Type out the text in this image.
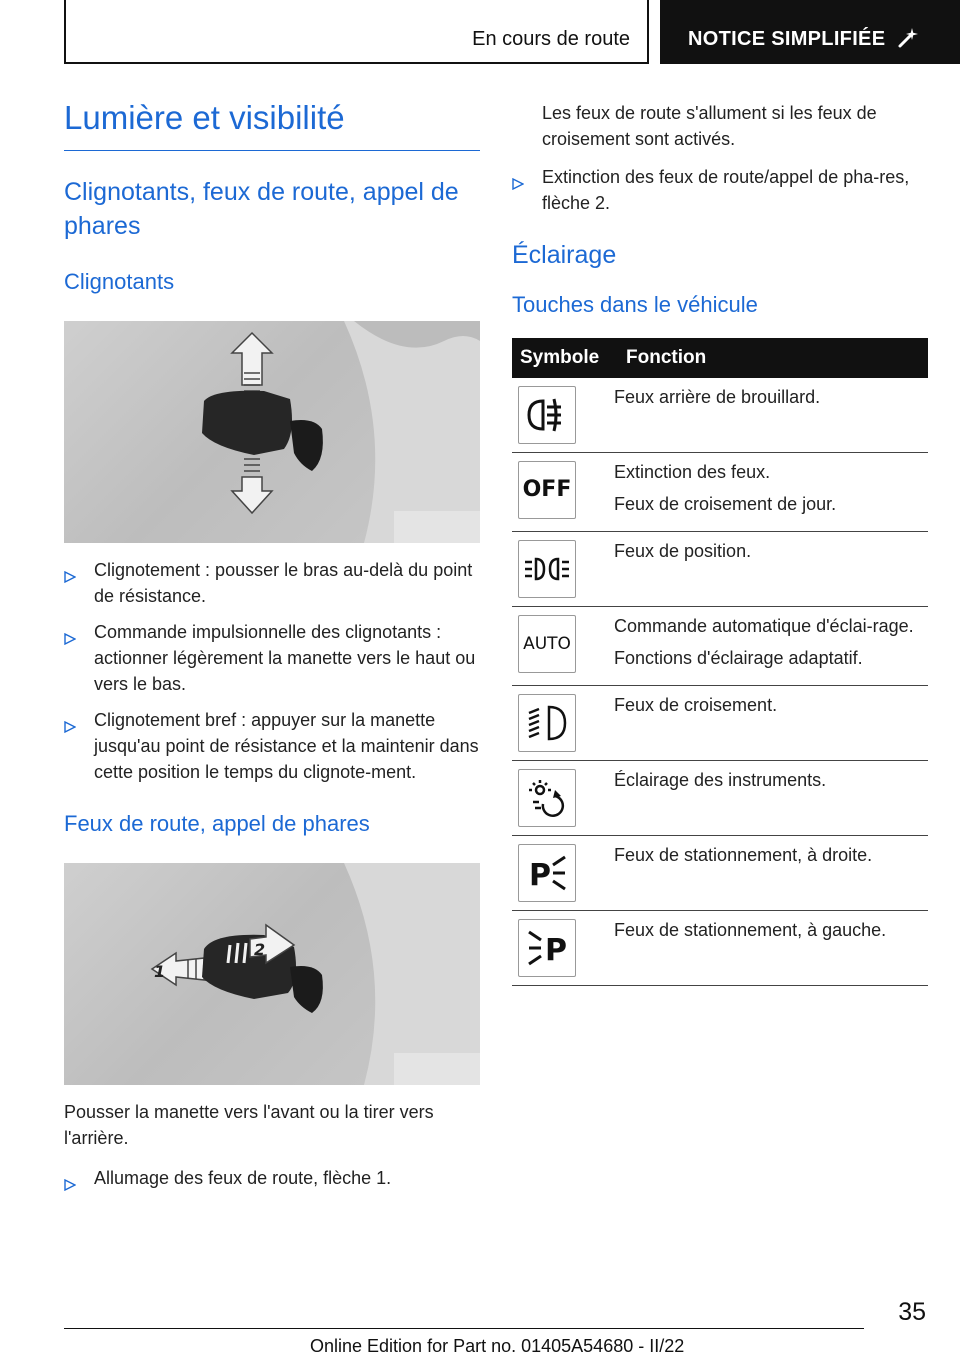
En cours de route	NOTICE SIMPLIFIÉE
Lumière et visibilité
Clignotants, feux de route, appel de phares
Clignotants
Clignotement : pousser le bras au-delà du point de résistance.
Commande impulsionnelle des clignotants : actionner légèrement la manette vers le haut ou vers le bas.
Clignotement bref : appuyer sur la manette jusqu'au point de résistance et la maintenir dans cette position le temps du clignote-ment.
Feux de route, appel de phares
1
2

Pousser la manette vers l'avant ou la tirer vers l'arrière.

Allumage des feux de route, flèche 1.

Les feux de route s'allument si les feux de croisement sont activés.

Extinction des feux de route/appel de pha-res, flèche 2.
Éclairage
Touches dans le véhicule
Symbole	Fonction

Feux arrière de brouillard.

OFF	Extinction des feux.

Feux de croisement de jour.

Feux de position.

AUTO	Commande automatique d'éclai-rage.

Fonctions d'éclairage adaptatif.

Feux de croisement.

Éclairage des instruments.

P	Feux de stationnement, à droite.

P	Feux de stationnement, à gauche.

35
Online Edition for Part no. 01405A54680 - II/22
